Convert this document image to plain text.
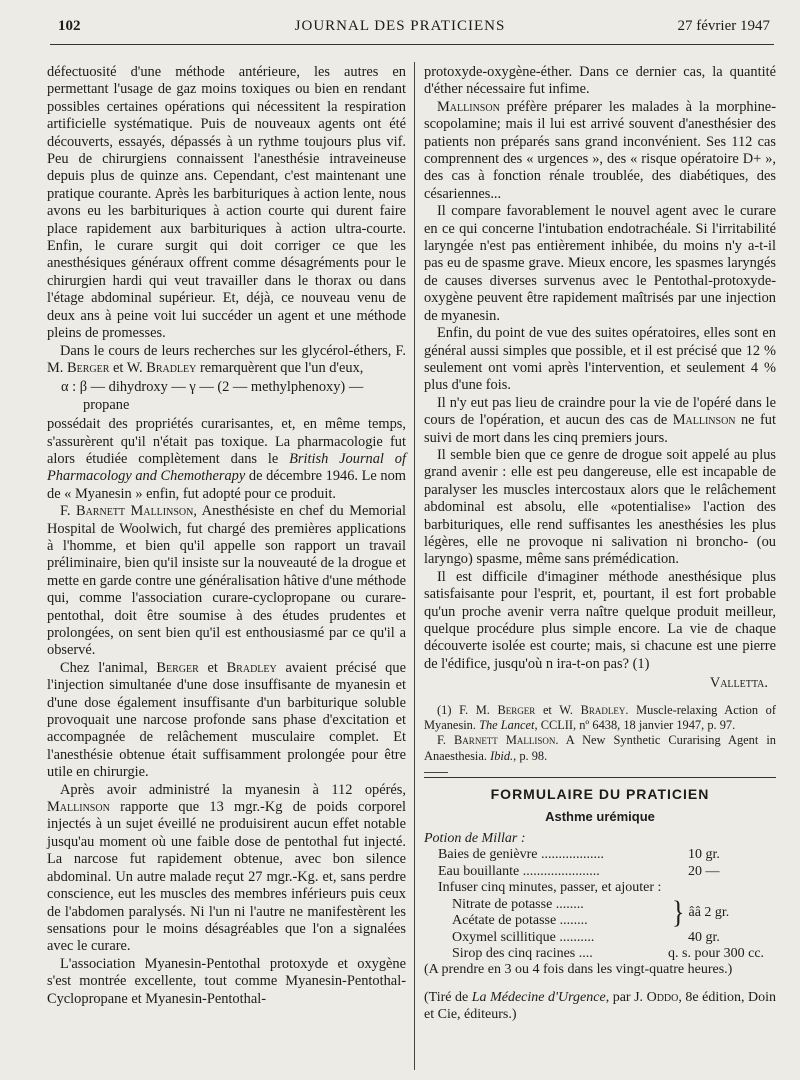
102	JOURNAL DES PRATICIENS	27 février 1947

défectuosité d'une méthode antérieure, les autres en permettant l'usage de gaz moins toxiques ou bien en rendant possibles certaines opérations qui nécessitent la respiration artificielle systématique. Puis de nouveaux agents ont été découverts, essayés, dépassés à un rythme toujours plus vif. Peu de chirurgiens connaissent l'anesthésie intraveineuse depuis plus de quinze ans. Cependant, c'est maintenant une pratique courante. Après les barbituriques à action lente, nous avons eu les barbituriques à action courte qui durent faire place rapidement aux barbituriques à action ultra-courte. Enfin, le curare surgit qui doit corriger ce que les anesthésiques généraux offrent comme désagréments pour le chirurgien hardi qui veut travailler dans le thorax ou dans l'étage abdominal supérieur. Et, déjà, ce nouveau venu de deux ans à peine voit lui succéder un agent et une méthode pleins de promesses.

Dans le cours de leurs recherches sur les glycérol-éthers, F. M. Berger et W. Bradley remarquèrent que l'un d'eux,

α : β — dihydroxy — γ — (2 — methylphenoxy) —
propane

possédait des propriétés curarisantes, et, en même temps, s'assurèrent qu'il n'était pas toxique. La pharmacologie fut alors étudiée complètement dans le British Journal of Pharmacology and Chemotherapy de décembre 1946. Le nom de « Myanesin » enfin, fut adopté pour ce produit.

F. Barnett Mallinson, Anesthésiste en chef du Memorial Hospital de Woolwich, fut chargé des premières applications à l'homme, et bien qu'il appelle son rapport un travail préliminaire, bien qu'il insiste sur la nouveauté de la drogue et mette en garde contre une généralisation hâtive d'une méthode qui, comme l'association curare-cyclopropane ou curare-pentothal, doit être soumise à des études prudentes et prolongées, on sent bien qu'il est enthousiasmé par ce qu'il a observé.

Chez l'animal, Berger et Bradley avaient précisé que l'injection simultanée d'une dose insuffisante de myanesin et d'une dose également insuffisante d'un barbiturique soluble provoquait une narcose profonde sans phase d'excitation et accompagnée de relâchement musculaire complet. Et l'anesthésie obtenue était suffisamment prolongée pour être utile en chirurgie.

Après avoir administré la myanesin à 112 opérés, Mallinson rapporte que 13 mgr.-Kg de poids corporel injectés à un sujet éveillé ne produisirent aucun effet notable jusqu'au moment où une faible dose de pentothal fut injecté. La narcose fut rapidement obtenue, avec bon silence abdominal. Un autre malade reçut 27 mgr.-Kg. et, sans perdre conscience, eut les muscles des membres inférieurs puis ceux de l'abdomen paralysés. Ni l'un ni l'autre ne manifestèrent les sensations pour le moins désagréables que l'on a signalées avec le curare.

L'association Myanesin-Pentothal protoxyde et oxygène s'est montrée excellente, tout comme Myanesin-Pentothal-Cyclopropane et Myanesin-Pentothal-

protoxyde-oxygène-éther. Dans ce dernier cas, la quantité d'éther nécessaire fut infime.

Mallinson préfère préparer les malades à la morphine-scopolamine; mais il lui est arrivé souvent d'anesthésier des patients non préparés sans grand inconvénient. Ses 112 cas comprennent des « urgences », des « risque opératoire D+ », des cas à fonction rénale troublée, des diabétiques, des césariennes...

Il compare favorablement le nouvel agent avec le curare en ce qui concerne l'intubation endotrachéale. Si l'irritabilité laryngée n'est pas entièrement inhibée, du moins n'y a-t-il pas eu de spasme grave. Mieux encore, les spasmes laryngés de causes diverses survenus avec le Pentothal-protoxyde-oxygène peuvent être rapidement maîtrisés par une injection de myanesin.

Enfin, du point de vue des suites opératoires, elles sont en général aussi simples que possible, et il est précisé que 12 % seulement ont vomi après l'intervention, et seulement 4 % plus d'une fois.

Il n'y eut pas lieu de craindre pour la vie de l'opéré dans le cours de l'opération, et aucun des cas de Mallinson ne fut suivi de mort dans les cinq premiers jours.

Il semble bien que ce genre de drogue soit appelé au plus grand avenir : elle est peu dangereuse, elle est incapable de paralyser les muscles intercostaux alors que le relâchement abdominal est absolu, elle «potentialise» l'action des barbituriques, elle rend suffisantes les anesthésies les plus légères, elle ne provoque ni salivation ni broncho- (ou laryngo) spasme, même sans prémédication.

Il est difficile d'imaginer méthode anesthésique plus satisfaisante pour l'esprit, et, pourtant, il est fort probable qu'un proche avenir verra naître quelque produit meilleur, quelque procédure plus simple encore. La vie de chaque découverte isolée est courte; mais, si chacune est une pierre de l'édifice, jusqu'où n ira-t-on pas? (1)

Valletta.

(1) F. M. Berger et W. Bradley. Muscle-relaxing Action of Myanesin. The Lancet, CCLII, nº 6438, 18 janvier 1947, p. 97.

F. Barnett Mallison. A New Synthetic Curarising Agent in Anaesthesia. Ibid., p. 98.

FORMULAIRE DU PRATICIEN
Asthme urémique
Potion de Millar :
Baies de genièvre ..................	10 gr.
Eau bouillante ......................	20 —
Infuser cinq minutes, passer, et ajouter :
Nitrate de potasse ........
Acétate de potasse ........	} ââ 2 gr.
Oxymel scillitique ..........	40 gr.
Sirop des cinq racines ....	q. s. pour 300 cc.
(A prendre en 3 ou 4 fois dans les vingt-quatre heures.)
(Tiré de La Médecine d'Urgence, par J. Oddo, 8e édition, Doin et Cie, éditeurs.)
